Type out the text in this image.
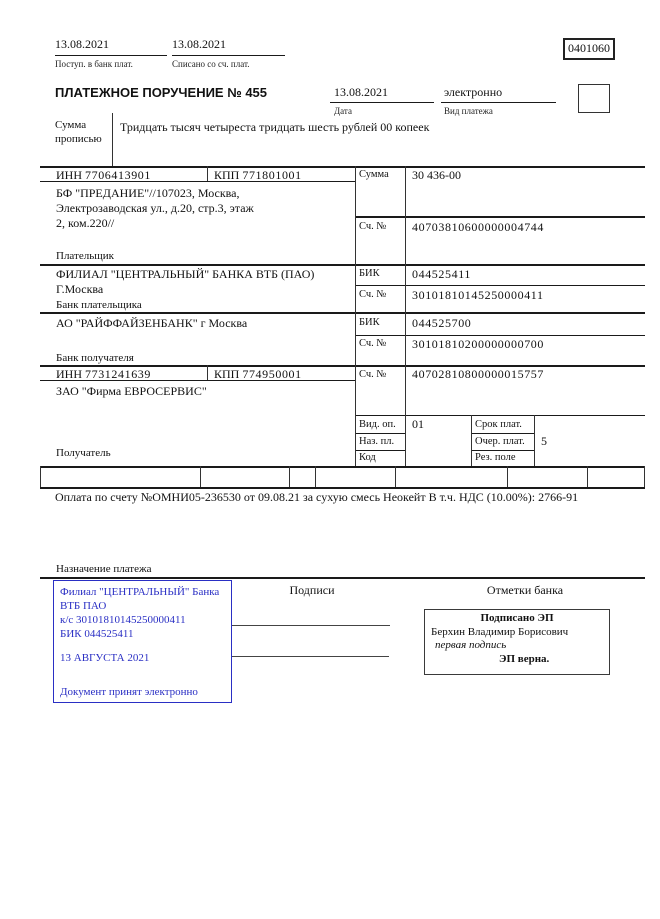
13.08.2021
Поступ. в банк плат.
13.08.2021
Списано со сч. плат.
0401060
ПЛАТЕЖНОЕ ПОРУЧЕНИЕ № 455	13.08.2021
Дата
электронно
Вид платежа
Сумма
прописью
Тридцать тысяч четыреста тридцать шесть рублей 00 копеек
ИНН 7706413901	КПП 771801001	Сумма 30 436-00
БФ "ПРЕДАНИЕ"//107023, Москва,
Электрозаводская ул., д.20, стр.3, этаж
2, ком.220//	Сч. № 40703810600000004744
Плательщик
ФИЛИАЛ "ЦЕНТРАЛЬНЫЙ" БАНКА ВТБ (ПАО)
Г.Москва
БИК	044525411
Сч. № 30101810145250000411
Банк плательщика
АО "РАЙФФАЙЗЕНБАНК" г Москва	БИК	044525700
Сч. № 30101810200000000700
Банк получателя
ИНН 7731241639	КПП 774950001	Сч. № 40702810800000015757
ЗАО "Фирма ЕВРОСЕРВИС"
Получатель
Вид. оп. 01	Срок плат.
Наз. пл.	Очер. плат. 5
Код	Рез. поле
Оплата по счету №ОМНИ05-236530 от 09.08.21 за сухую смесь Неокейт В т.ч. НДС (10.00%): 2766-91
Назначение платежа
Филиал "ЦЕНТРАЛЬНЫЙ" Банка
ВТБ ПАО
к/с 30101810145250000411
БИК 044525411
13 АВГУСТА 2021
Документ принят электронно
Подписи	Отметки банка
Подписано ЭП
Берхин Владимир Борисович
первая подпись
ЭП верна.
